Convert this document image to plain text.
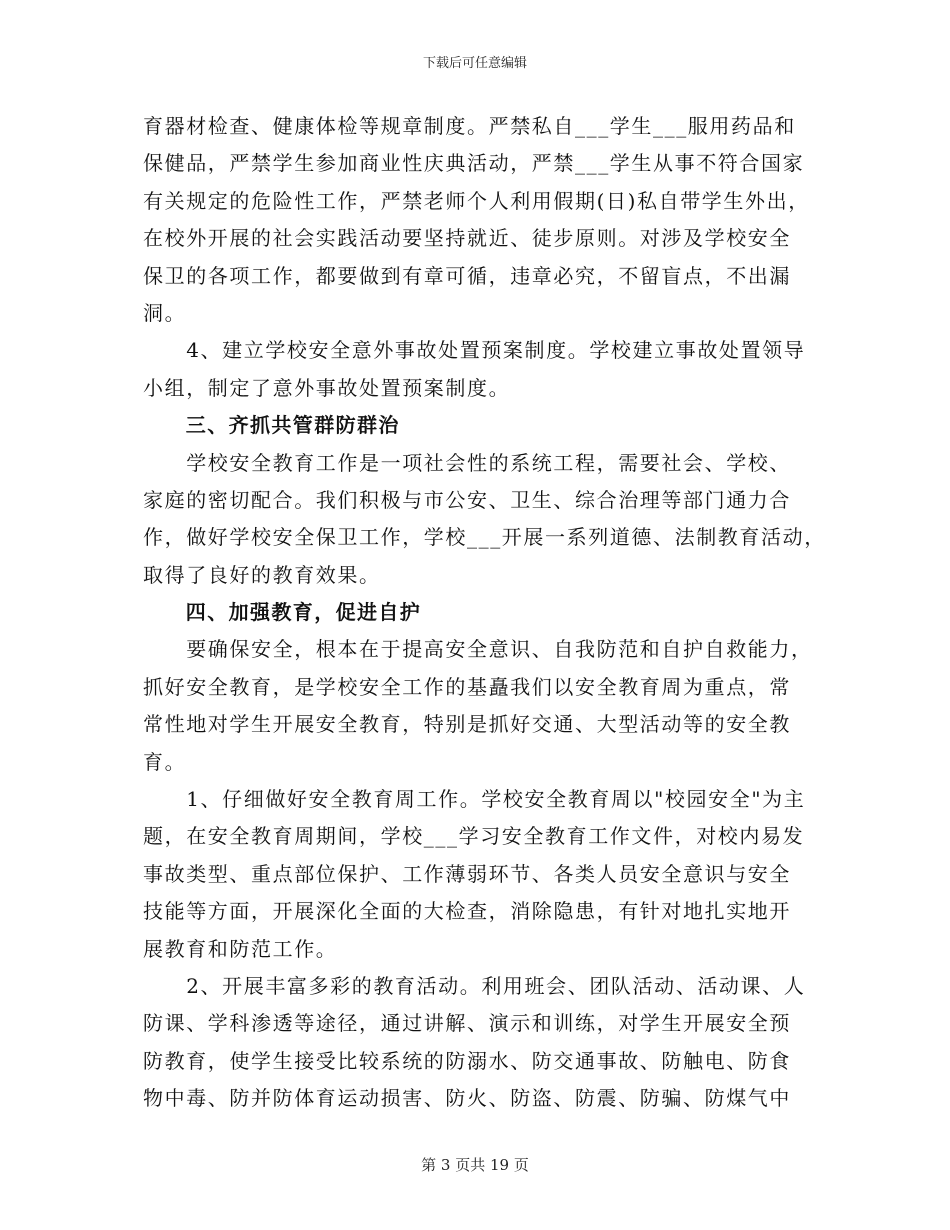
下载后可任意编辑
育器材检查、健康体检等规章制度。严禁私自___学生___服用药品和
保健品，严禁学生参加商业性庆典活动，严禁___学生从事不符合国家
有关规定的危险性工作，严禁老师个人利用假期(日)私自带学生外出，
在校外开展的社会实践活动要坚持就近、徒步原则。对涉及学校安全
保卫的各项工作，都要做到有章可循，违章必究，不留盲点，不出漏
洞。
　　4、建立学校安全意外事故处置预案制度。学校建立事故处置领导
小组，制定了意外事故处置预案制度。
　　三、齐抓共管群防群治
　　学校安全教育工作是一项社会性的系统工程，需要社会、学校、
家庭的密切配合。我们积极与市公安、卫生、综合治理等部门通力合
作，做好学校安全保卫工作，学校___开展一系列道德、法制教育活动，
取得了良好的教育效果。
　　四、加强教育，促进自护
　　要确保安全，根本在于提高安全意识、自我防范和自护自救能力，
抓好安全教育，是学校安全工作的基矗我们以安全教育周为重点，常
常性地对学生开展安全教育，特别是抓好交通、大型活动等的安全教
育。
　　1、仔细做好安全教育周工作。学校安全教育周以"校园安全"为主
题，在安全教育周期间，学校___学习安全教育工作文件，对校内易发
事故类型、重点部位保护、工作薄弱环节、各类人员安全意识与安全
技能等方面，开展深化全面的大检查，消除隐患，有针对地扎实地开
展教育和防范工作。
　　2、开展丰富多彩的教育活动。利用班会、团队活动、活动课、人
防课、学科渗透等途径，通过讲解、演示和训练，对学生开展安全预
防教育，使学生接受比较系统的防溺水、防交通事故、防触电、防食
物中毒、防并防体育运动损害、防火、防盗、防震、防骗、防煤气中
第 3 页共 19 页
